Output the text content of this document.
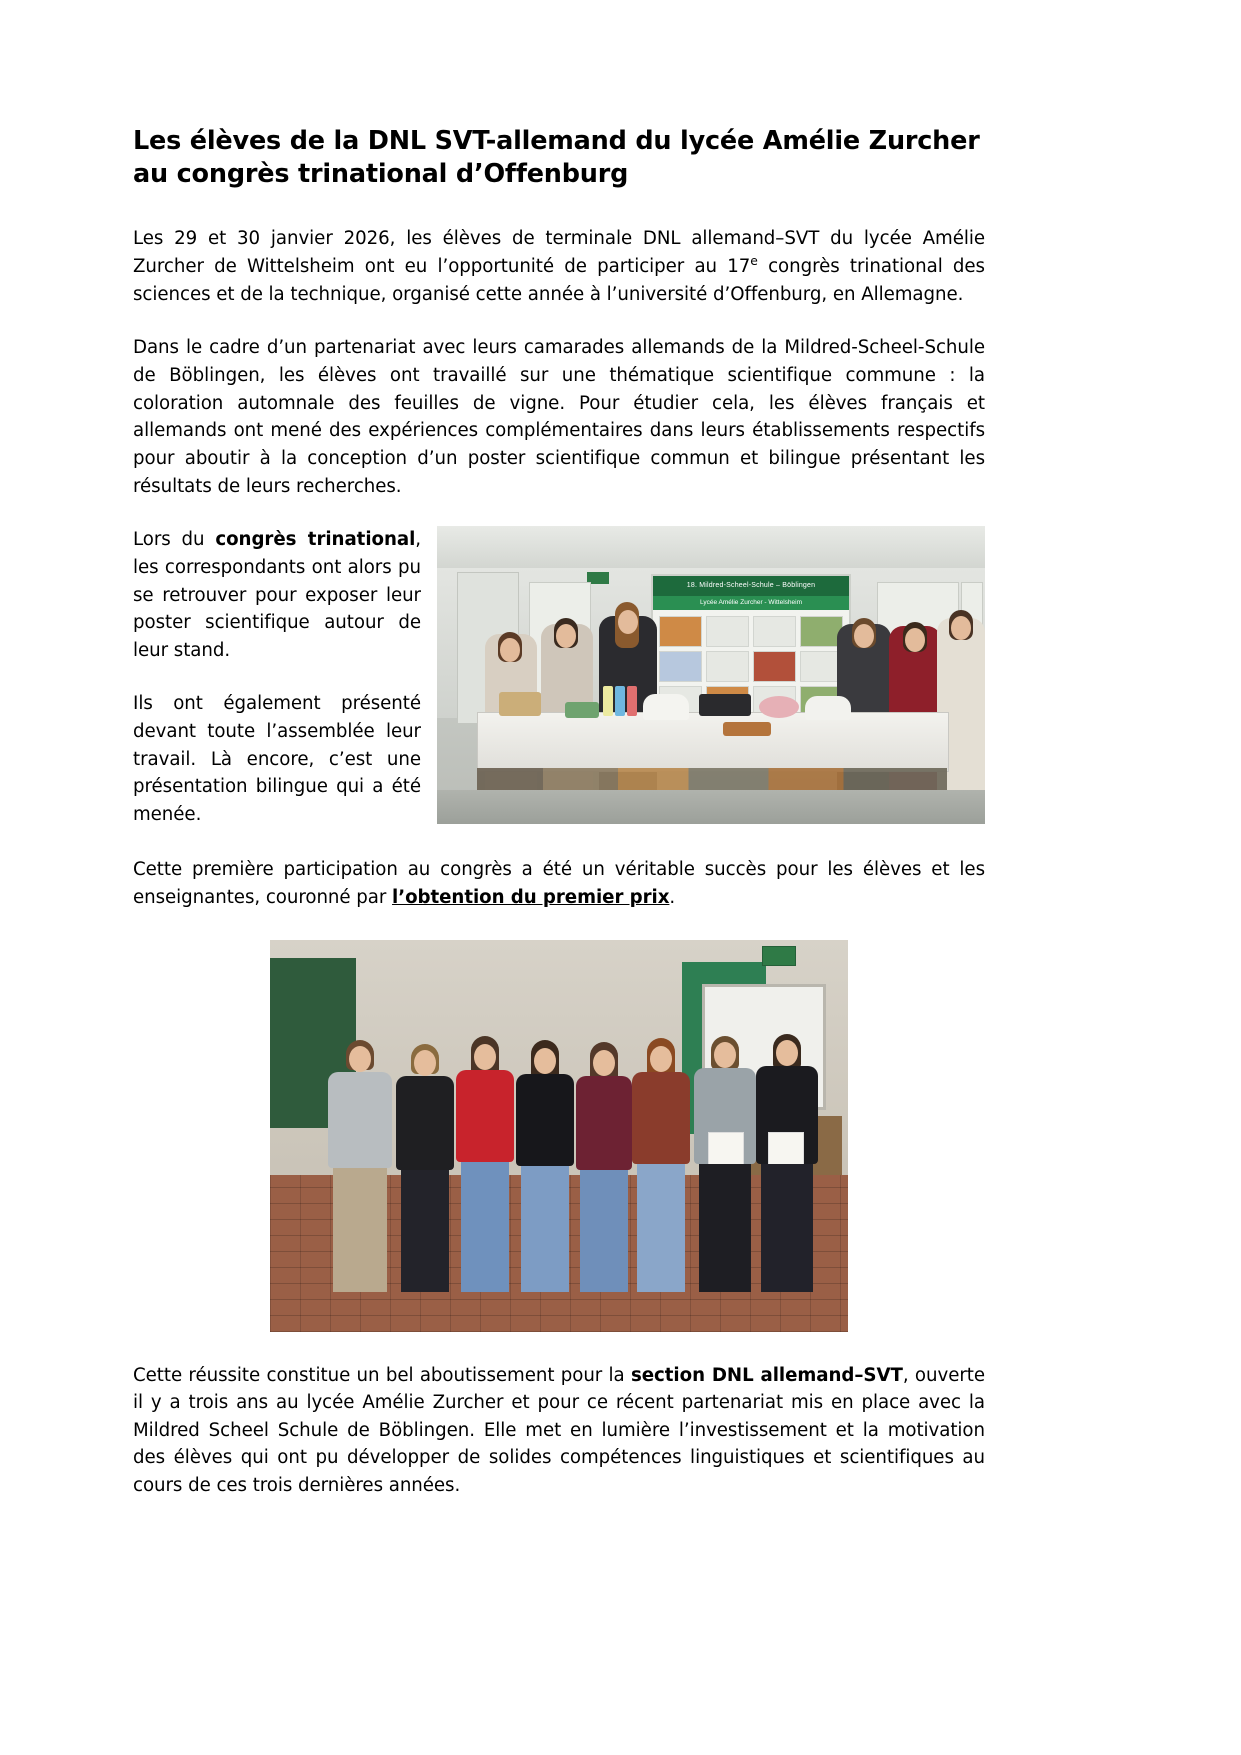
Les élèves de la DNL SVT-allemand du lycée Amélie Zurcher
au congrès trinational d’Offenburg

Les 29 et 30 janvier 2026, les élèves de terminale DNL allemand–SVT du lycée Amélie Zurcher de Wittelsheim ont eu l’opportunité de participer au 17e congrès trinational des sciences et de la technique, organisé cette année à l’université d’Offenburg, en Allemagne.

Dans le cadre d’un partenariat avec leurs camarades allemands de la Mildred-Scheel-Schule de Böblingen, les élèves ont travaillé sur une thématique scientifique commune : la coloration automnale des feuilles de vigne. Pour étudier cela, les élèves français et allemands ont mené des expériences complémentaires dans leurs établissements respectifs pour aboutir à la conception d’un poster scientifique commun et bilingue présentant les résultats de leurs recherches.

18. Mildred-Scheel-Schule – Böblingen
Lycée Amélie Zurcher - Wittelsheim

Lors du congrès trinational, les correspondants ont alors pu se retrouver pour exposer leur poster scientifique autour de leur stand.

Ils ont également présenté devant toute l’assemblée leur travail. Là encore, c’est une présentation bilingue qui a été menée.

Cette première participation au congrès a été un véritable succès pour les élèves et les enseignantes, couronné par l’obtention du premier prix.

Cette réussite constitue un bel aboutissement pour la section DNL allemand–SVT, ouverte il y a trois ans au lycée Amélie Zurcher et pour ce récent partenariat mis en place avec la Mildred Scheel Schule de Böblingen. Elle met en lumière l’investissement et la motivation des élèves qui ont pu développer de solides compétences linguistiques et scientifiques au cours de ces trois dernières années.
